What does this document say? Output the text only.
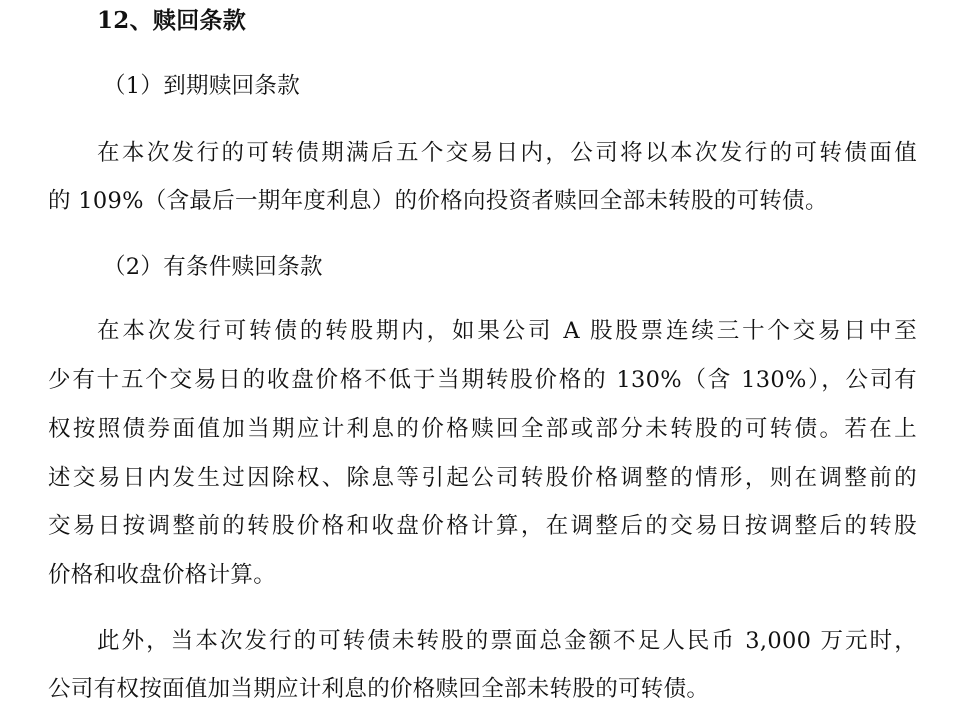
12、赎回条款
（1）到期赎回条款
在本次发行的可转债期满后五个交易日内，公司将以本次发行的可转债面值
的 109%（含最后一期年度利息）的价格向投资者赎回全部未转股的可转债。
（2）有条件赎回条款
在本次发行可转债的转股期内，如果公司 A 股股票连续三十个交易日中至
少有十五个交易日的收盘价格不低于当期转股价格的 130%（含 130%），公司有
权按照债券面值加当期应计利息的价格赎回全部或部分未转股的可转债。若在上
述交易日内发生过因除权、除息等引起公司转股价格调整的情形，则在调整前的
交易日按调整前的转股价格和收盘价格计算，在调整后的交易日按调整后的转股
价格和收盘价格计算。
此外，当本次发行的可转债未转股的票面总金额不足人民币 3,000 万元时，
公司有权按面值加当期应计利息的价格赎回全部未转股的可转债。
